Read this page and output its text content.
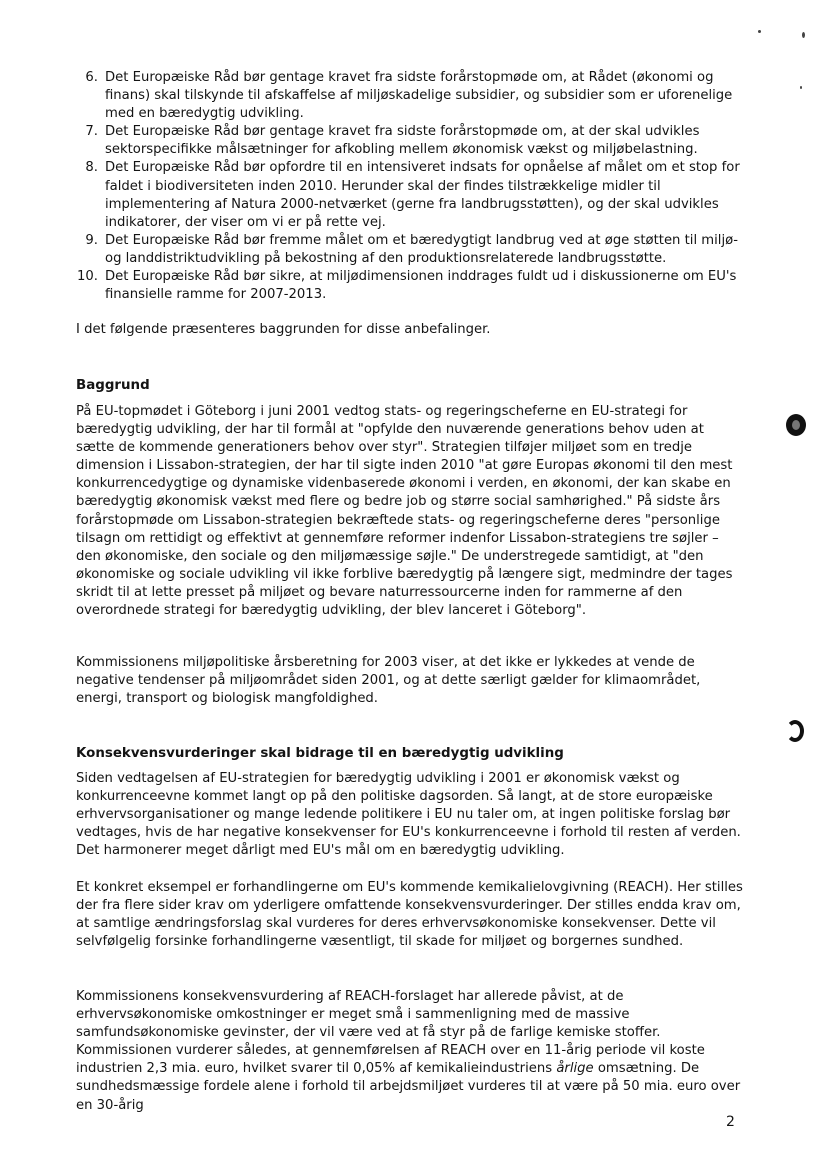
6. Det Europæiske Råd bør gentage kravet fra sidste forårstopmøde om, at Rådet (økonomi og finans) skal tilskynde til afskaffelse af miljøskadelige subsidier, og subsidier som er uforenelige med en bæredygtig udvikling.
7. Det Europæiske Råd bør gentage kravet fra sidste forårstopmøde om, at der skal udvikles sektorspecifikke målsætninger for afkobling mellem økonomisk vækst og miljøbelastning.
8. Det Europæiske Råd bør opfordre til en intensiveret indsats for opnåelse af målet om et stop for faldet i biodiversiteten inden 2010. Herunder skal der findes tilstrækkelige midler til implementering af Natura 2000-netværket (gerne fra landbrugsstøtten), og der skal udvikles indikatorer, der viser om vi er på rette vej.
9. Det Europæiske Råd bør fremme målet om et bæredygtigt landbrug ved at øge støtten til miljø- og landdistriktudvikling på bekostning af den produktionsrelaterede landbrugsstøtte.
10. Det Europæiske Råd bør sikre, at miljødimensionen inddrages fuldt ud i diskussionerne om EU's finansielle ramme for 2007-2013.

I det følgende præsenteres baggrunden for disse anbefalinger.

Baggrund

På EU-topmødet i Göteborg i juni 2001 vedtog stats- og regeringscheferne en EU-strategi for bæredygtig udvikling, der har til formål at "opfylde den nuværende generations behov uden at sætte de kommende generationers behov over styr". Strategien tilføjer miljøet som en tredje dimension i Lissabon-strategien, der har til sigte inden 2010 "at gøre Europas økonomi til den mest konkurrencedygtige og dynamiske videnbaserede økonomi i verden, en økonomi, der kan skabe en bæredygtig økonomisk vækst med flere og bedre job og større social samhørighed." På sidste års forårstopmøde om Lissabon-strategien bekræftede stats- og regeringscheferne deres "personlige tilsagn om rettidigt og effektivt at gennemføre reformer indenfor Lissabon-strategiens tre søjler – den økonomiske, den sociale og den miljømæssige søjle." De understregede samtidigt, at "den økonomiske og sociale udvikling vil ikke forblive bæredygtig på længere sigt, medmindre der tages skridt til at lette presset på miljøet og bevare naturressourcerne inden for rammerne af den overordnede strategi for bæredygtig udvikling, der blev lanceret i Göteborg".

Kommissionens miljøpolitiske årsberetning for 2003 viser, at det ikke er lykkedes at vende de negative tendenser på miljøområdet siden 2001, og at dette særligt gælder for klimaområdet, energi, transport og biologisk mangfoldighed.

Konsekvensvurderinger skal bidrage til en bæredygtig udvikling

Siden vedtagelsen af EU-strategien for bæredygtig udvikling i 2001 er økonomisk vækst og konkurrenceevne kommet langt op på den politiske dagsorden. Så langt, at de store europæiske erhvervsorganisationer og mange ledende politikere i EU nu taler om, at ingen politiske forslag bør vedtages, hvis de har negative konsekvenser for EU's konkurrenceevne i forhold til resten af verden. Det harmonerer meget dårligt med EU's mål om en bæredygtig udvikling.

Et konkret eksempel er forhandlingerne om EU's kommende kemikalielovgivning (REACH). Her stilles der fra flere sider krav om yderligere omfattende konsekvensvurderinger. Der stilles endda krav om, at samtlige ændringsforslag skal vurderes for deres erhvervsøkonomiske konsekvenser. Dette vil selvfølgelig forsinke forhandlingerne væsentligt, til skade for miljøet og borgernes sundhed.

Kommissionens konsekvensvurdering af REACH-forslaget har allerede påvist, at de erhvervsøkonomiske omkostninger er meget små i sammenligning med de massive samfundsøkonomiske gevinster, der vil være ved at få styr på de farlige kemiske stoffer. Kommissionen vurderer således, at gennemførelsen af REACH over en 11-årig periode vil koste industrien 2,3 mia. euro, hvilket svarer til 0,05% af kemikalieindustriens årlige omsætning. De sundhedsmæssige fordele alene i forhold til arbejdsmiljøet vurderes til at være på 50 mia. euro over en 30-årig

2
